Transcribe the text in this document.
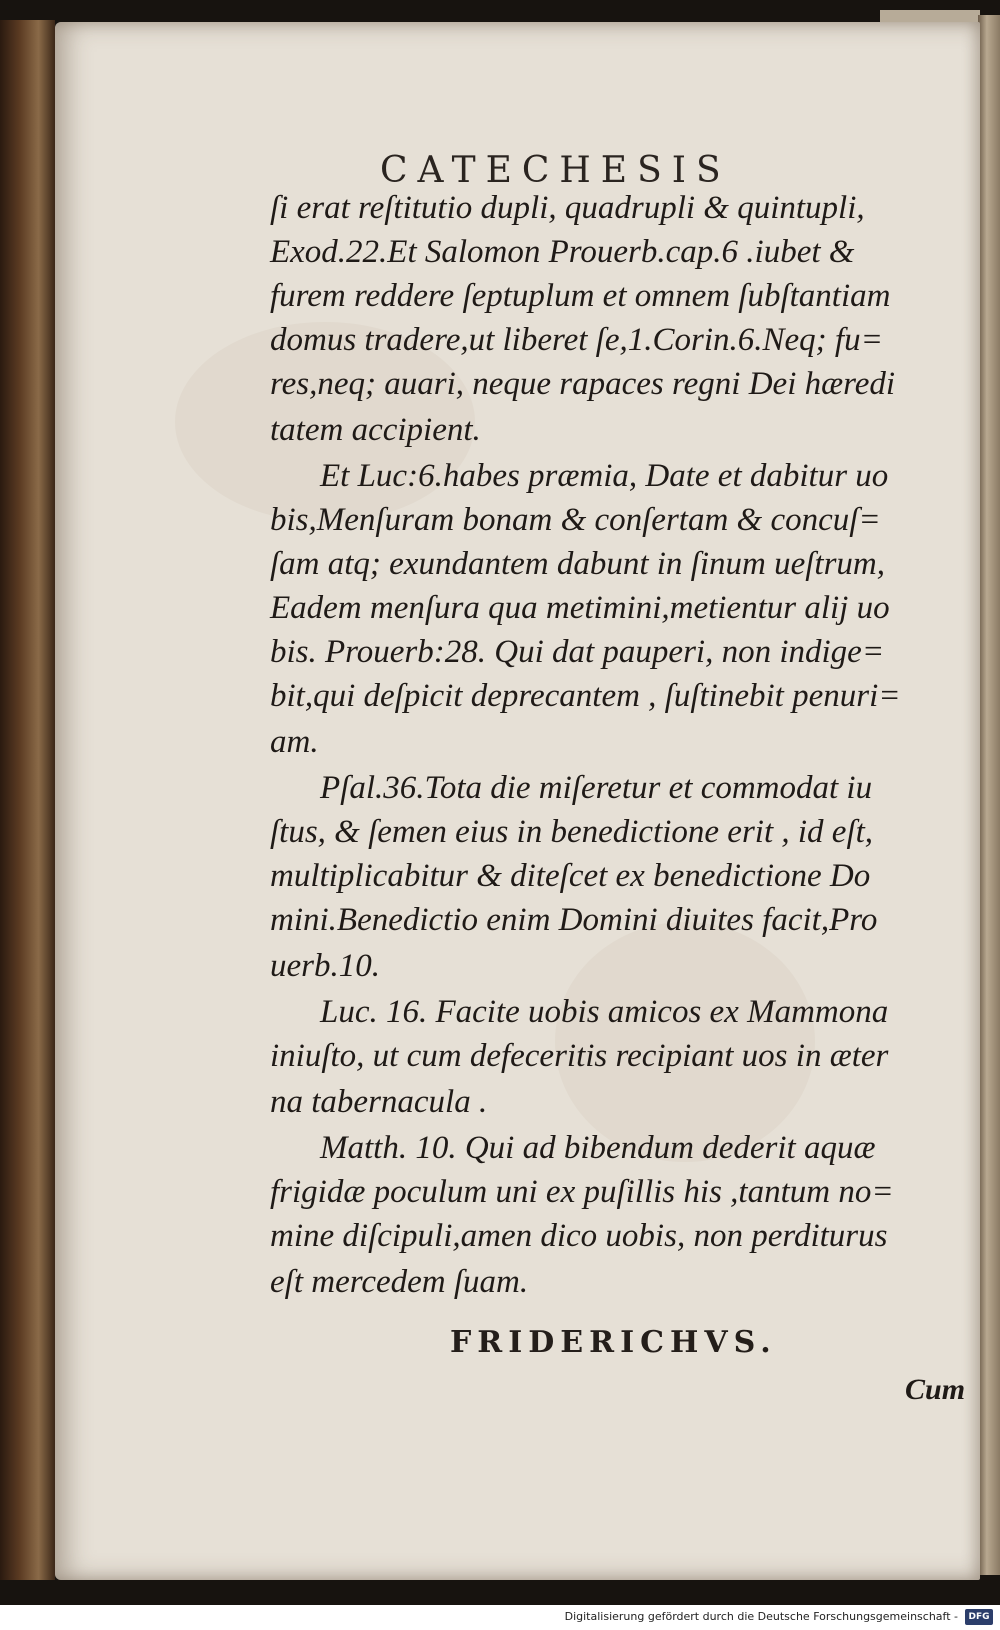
CATECHESIS
ſi erat reſtitutio dupli, quadrupli & quintupli,
Exod.22.Et Salomon Prouerb.cap.6 .iubet &
furem reddere ſeptuplum et omnem ſubſtantiam
domus tradere,ut liberet ſe,1.Corin.6.Neq; fu=
res,neq; auari, neque rapaces regni Dei hæredi
tatem accipient.
Et Luc:6.habes præmia, Date et dabitur uo
bis,Menſuram bonam & conſertam & concuſ=
ſam atq; exundantem dabunt in ſinum ueſtrum,
Eadem menſura qua metimini,metientur alij uo
bis. Prouerb:28. Qui dat pauperi, non indige=
bit,qui deſpicit deprecantem , ſuſtinebit penuri=
am.
Pſal.36.Tota die miſeretur et commodat iu
ſtus, & ſemen eius in benedictione erit , id eſt,
multiplicabitur & diteſcet ex benedictione Do
mini.Benedictio enim Domini diuites facit,Pro
uerb.10.
Luc. 16. Facite uobis amicos ex Mammona
iniuſto, ut cum defeceritis recipiant uos in æter
na tabernacula .
Matth. 10. Qui ad bibendum dederit aquæ
frigidæ poculum uni ex puſillis his ,tantum no=
mine diſcipuli,amen dico uobis, non perditurus
eſt mercedem ſuam.
FRIDERICHVS.
Cum
Digitalisierung gefördert durch die Deutsche Forschungsgemeinschaft -	DFG
